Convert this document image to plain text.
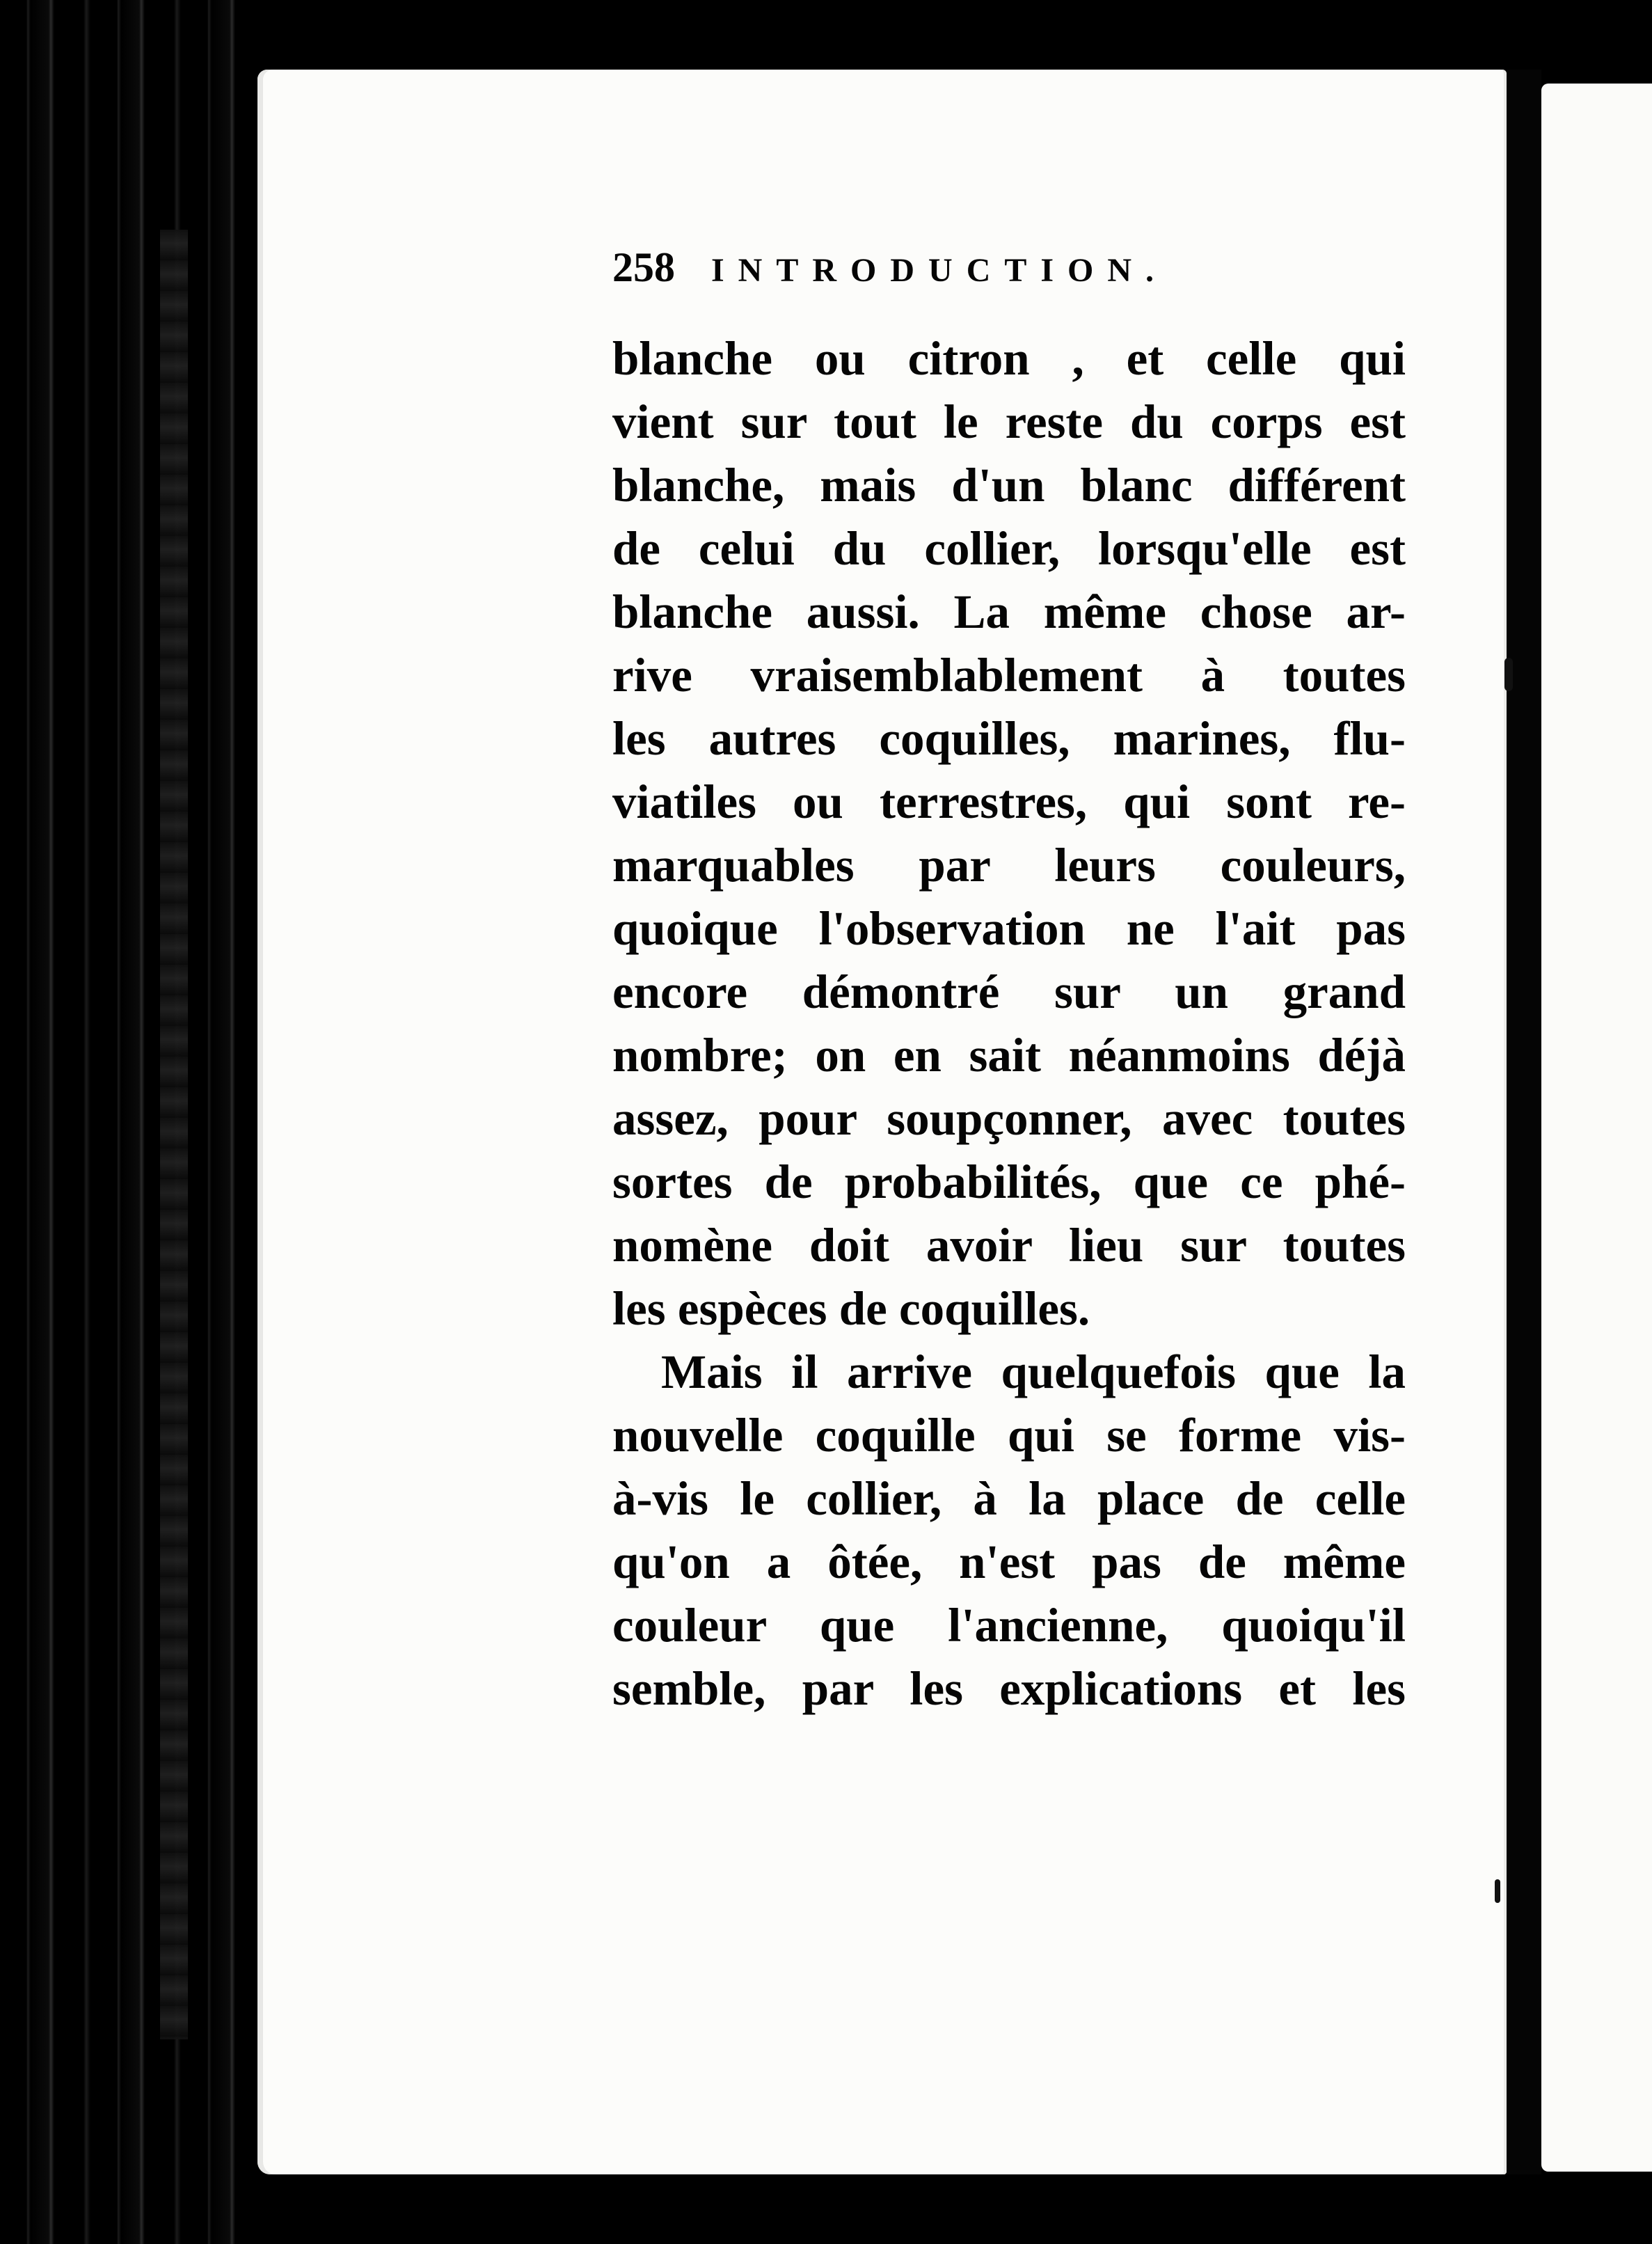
258 INTRODUCTION.
blanche ou citron , et celle qui
vient sur tout le reste du corps est
blanche, mais d'un blanc différent
de celui du collier, lorsqu'elle est
blanche aussi. La même chose ar-
rive vraisemblablement à toutes
les autres coquilles, marines, flu-
viatiles ou terrestres, qui sont re-
marquables par leurs couleurs,
quoique l'observation ne l'ait pas
encore démontré sur un grand
nombre; on en sait néanmoins déjà
assez, pour soupçonner, avec toutes
sortes de probabilités, que ce phé-
nomène doit avoir lieu sur toutes
les espèces de coquilles.
Mais il arrive quelquefois que la
nouvelle coquille qui se forme vis-
à-vis le collier, à la place de celle
qu'on a ôtée, n'est pas de même
couleur que l'ancienne, quoiqu'il
semble, par les explications et les
